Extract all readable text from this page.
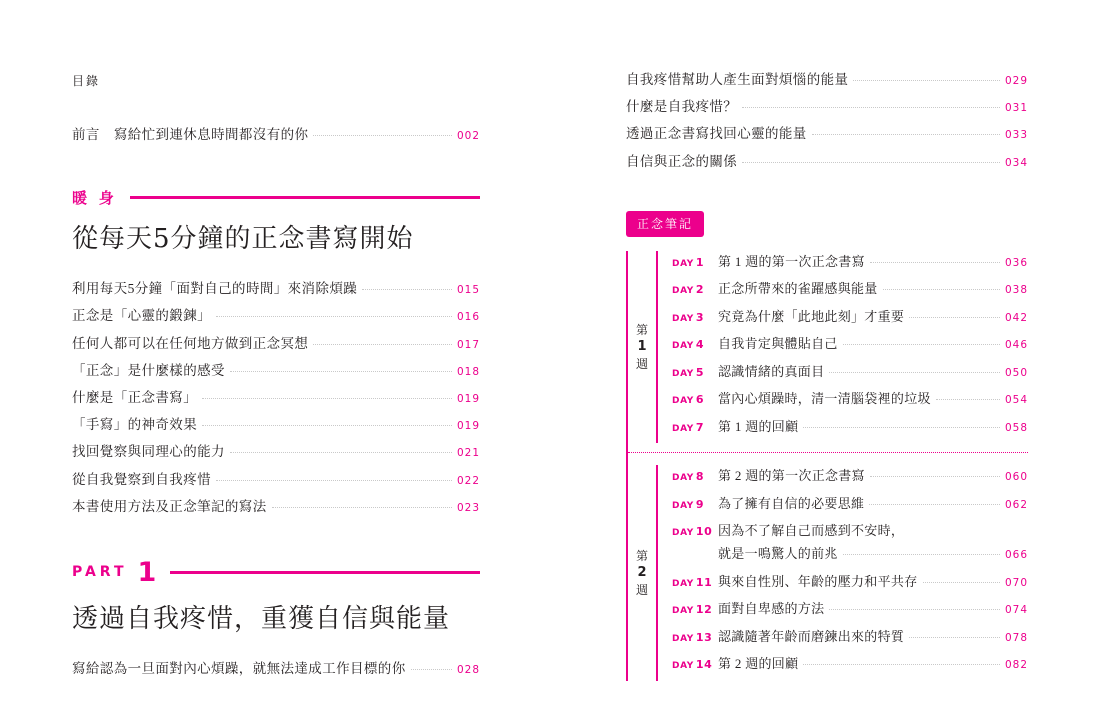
目錄
前言 寫給忙到連休息時間都沒有的你	002
暖 身
從每天5分鐘的正念書寫開始
利用每天5分鐘「面對自己的時間」來消除煩躁	015
正念是「心靈的鍛鍊」	016
任何人都可以在任何地方做到正念冥想	017
「正念」是什麼樣的感受	018
什麼是「正念書寫」	019
「手寫」的神奇效果	019
找回覺察與同理心的能力	021
從自我覺察到自我疼惜	022
本書使用方法及正念筆記的寫法	023
PART 1
透過自我疼惜，重獲自信與能量
寫給認為一旦面對內心煩躁，就無法達成工作目標的你	028
自我疼惜幫助人產生面對煩惱的能量	029
什麼是自我疼惜？	031
透過正念書寫找回心靈的能量	033
自信與正念的關係	034
正念筆記
第
1
週
DAY 1	第 1 週的第一次正念書寫	036
DAY 2	正念所帶來的雀躍感與能量	038
DAY 3	究竟為什麼「此地此刻」才重要	042
DAY 4	自我肯定與體貼自己	046
DAY 5	認識情緒的真面目	050
DAY 6	當內心煩躁時，清一清腦袋裡的垃圾	054
DAY 7	第 1 週的回顧	058
第
2
週
DAY 8	第 2 週的第一次正念書寫	060
DAY 9	為了擁有自信的必要思維	062
DAY 10 因為不了解自己而感到不安時，
就是一鳴驚人的前兆	066
DAY 11 與來自性別、年齡的壓力和平共存	070
DAY 12 面對自卑感的方法	074
DAY 13 認識隨著年齡而磨鍊出來的特質	078
DAY 14 第 2 週的回顧	082
